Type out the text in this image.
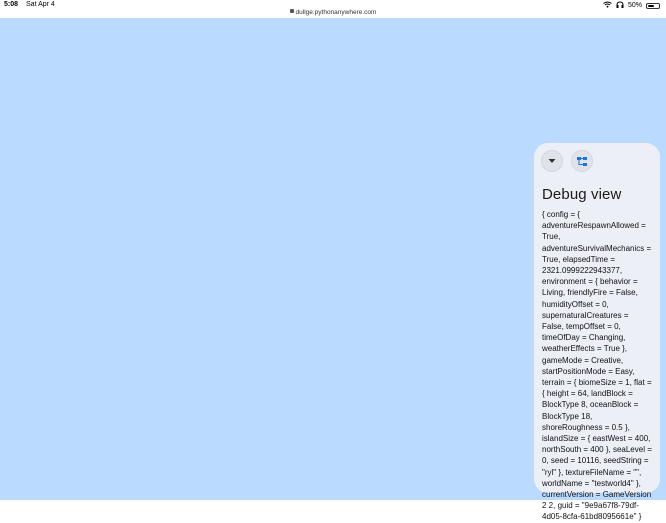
5:08 Sat Apr 4
dullge.pythonanywhere.com
50%
Debug view
{ config = { adventureRespawnAllowed = True, adventureSurvivalMechanics = True, elapsedTime = 2321.0999222943377, environment = { behavior = Living, friendlyFire = False, humidityOffset = 0, supernaturalCreatures = False, tempOffset = 0, timeOfDay = Changing, weatherEffects = True }, gameMode = Creative, startPositionMode = Easy, terrain = { biomeSize = 1, flat = { height = 64, landBlock = BlockType 8, oceanBlock = BlockType 18, shoreRoughness = 0.5 }, islandSize = { eastWest = 400, northSouth = 400 }, seaLevel = 0, seed = 10116, seedString = "ryl" }, textureFileName = "", worldName = "testworld4" }, currentVersion = GameVersion 2 2, guid = "9e9a67f8-79df-4d05-8cfa-61bd8095661e" }
